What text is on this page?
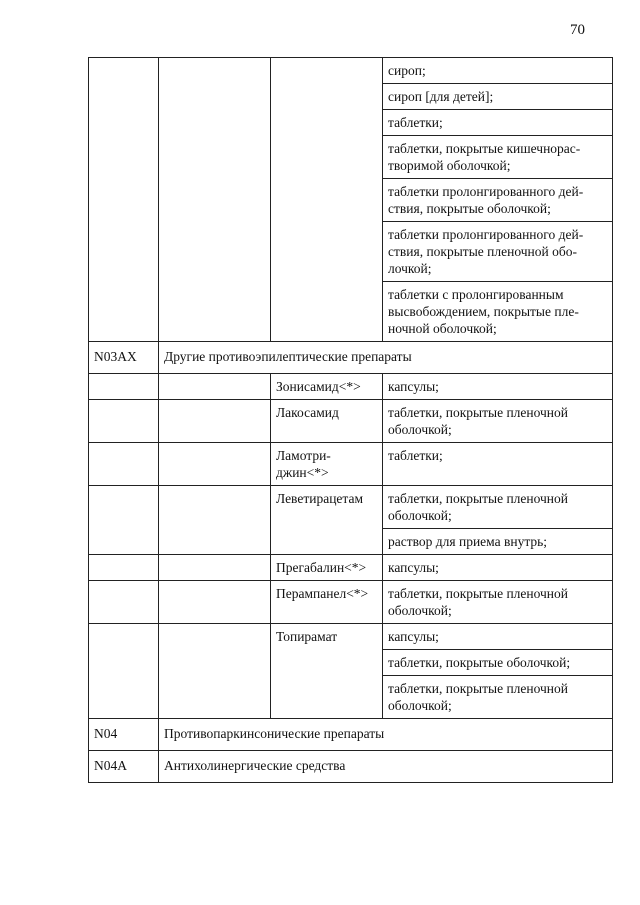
70
			сироп;
			сироп [для детей];
			таблетки;
			таблетки, покрытые кишечнорас-
творимой оболочкой;
			таблетки пролонгированного дей-
ствия, покрытые оболочкой;
			таблетки пролонгированного дей-
ствия, покрытые пленочной обо-
лочкой;
			таблетки с пролонгированным
высвобождением, покрытые пле-
ночной оболочкой;
N03AX	Другие противоэпилептические препараты		
		Зонисамид<*>	капсулы;
		Лакосамид	таблетки, покрытые пленочной
оболочкой;
		Ламотри-
джин<*>	таблетки;
		Леветирацетам	таблетки, покрытые пленочной
оболочкой;
			раствор для приема внутрь;
		Прегабалин<*>	капсулы;
		Перампанел<*>	таблетки, покрытые пленочной
оболочкой;
		Топирамат	капсулы;
			таблетки, покрытые оболочкой;
			таблетки, покрытые пленочной
оболочкой;
N04	Противопаркинсонические препараты		
N04A	Антихолинергические средства		
